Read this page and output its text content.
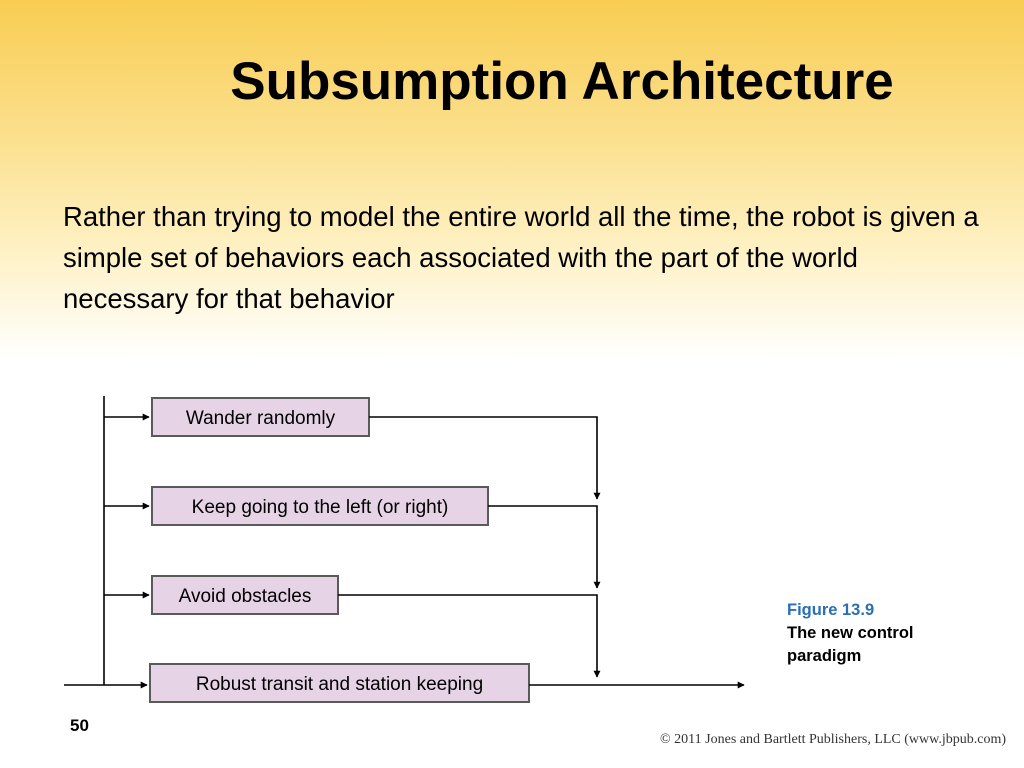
Subsumption Architecture
Rather than trying to model the entire world all the time, the robot is given a simple set of behaviors each associated with the part of the world necessary for that behavior
Wander randomly
Keep going to the left (or right)
Avoid obstacles
Robust transit and station keeping
Figure 13.9
The new control
paradigm
50
© 2011 Jones and Bartlett Publishers, LLC (www.jbpub.com)
